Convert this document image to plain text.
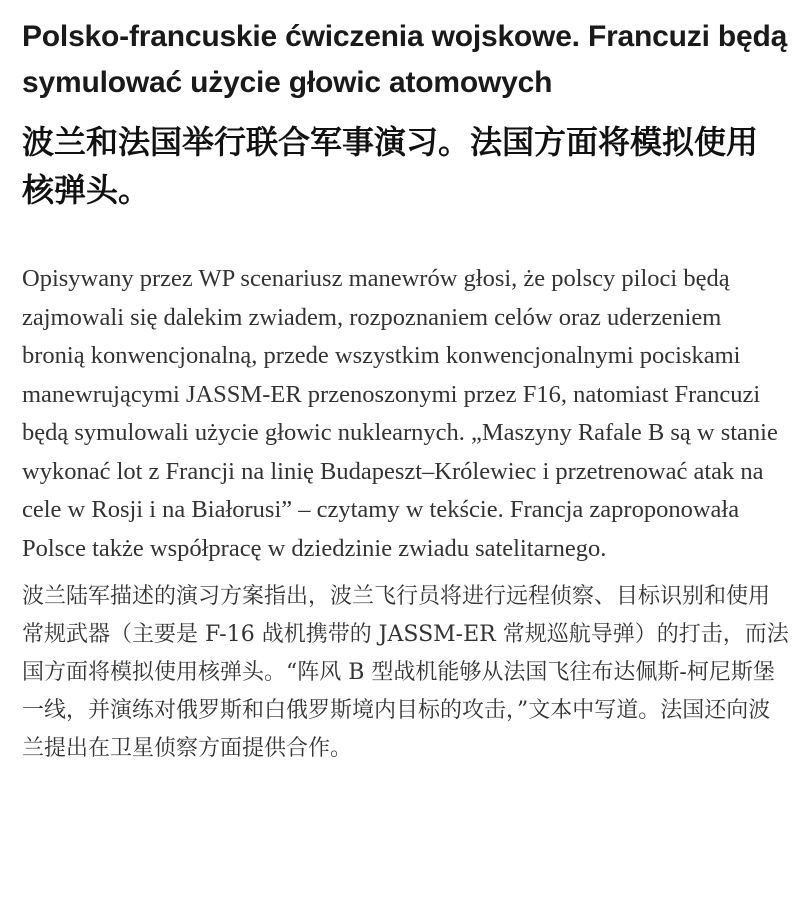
Polsko-francuskie ćwiczenia wojskowe. Francuzi będą symulować użycie głowic atomowych
波兰和法国举行联合军事演习。法国方面将模拟使用核弹头。

Opisywany przez WP scenariusz manewrów głosi, że polscy piloci będą zajmowali się dalekim zwiadem, rozpoznaniem celów oraz uderzeniem bronią konwencjonalną, przede wszystkim konwencjonalnymi pociskami manewrującymi JASSM-ER przenoszonymi przez F16, natomiast Francuzi będą symulowali użycie głowic nuklearnych. „Maszyny Rafale B są w stanie wykonać lot z Francji na linię Budapeszt–Królewiec i przetrenować atak na cele w Rosji i na Białorusi” – czytamy w tekście. Francja zaproponowała Polsce także współpracę w dziedzinie zwiadu satelitarnego.

波兰陆军描述的演习方案指出，波兰飞行员将进行远程侦察、目标识别和使用常规武器（主要是 F-16 战机携带的 JASSM-ER 常规巡航导弹）的打击，而法国方面将模拟使用核弹头。“阵风 B 型战机能够从法国飞往布达佩斯-柯尼斯堡一线，并演练对俄罗斯和白俄罗斯境内目标的攻击，”文本中写道。法国还向波兰提出在卫星侦察方面提供合作。
